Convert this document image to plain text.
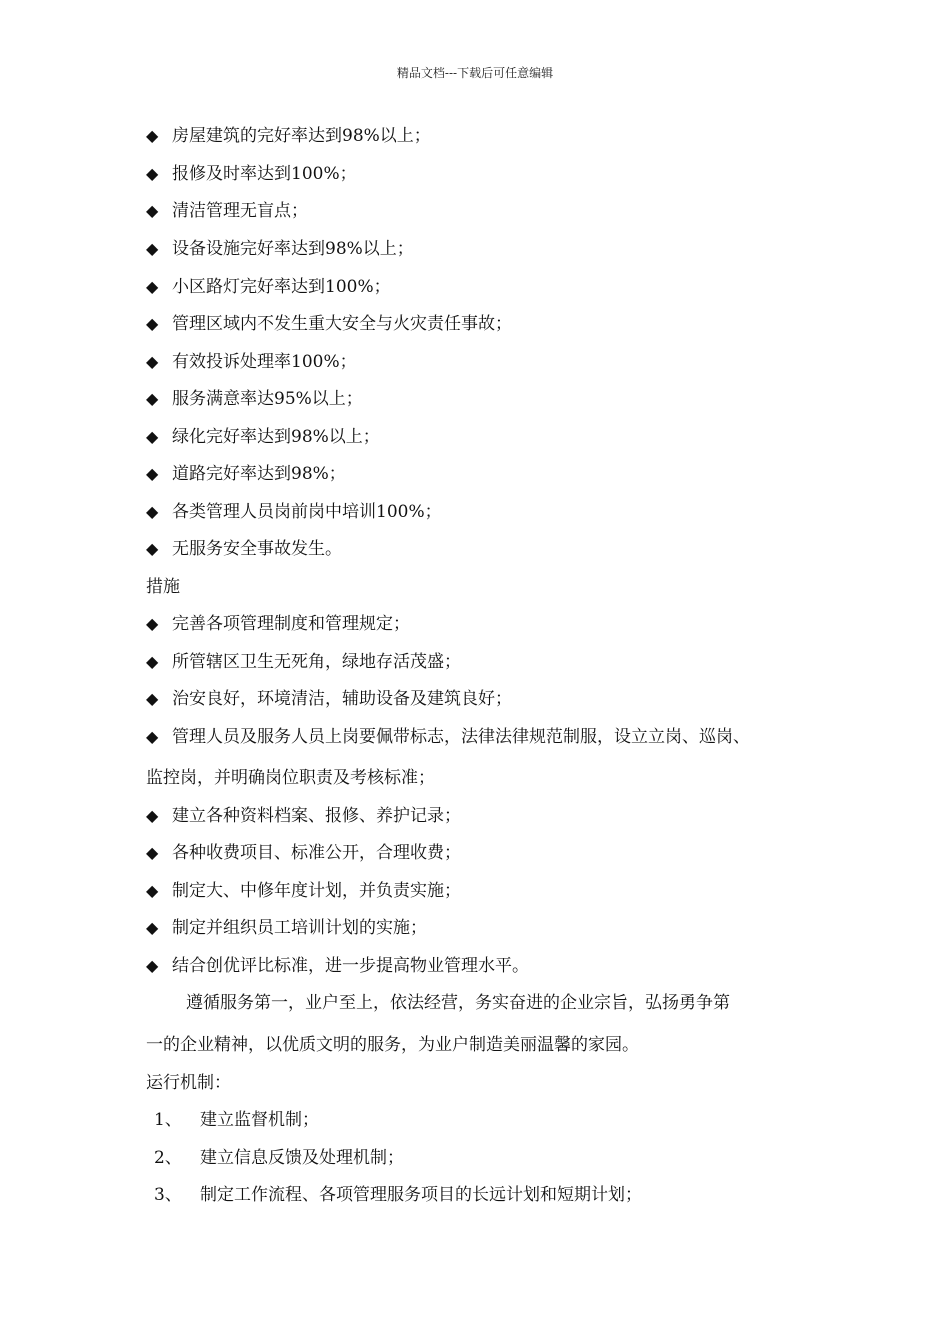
精品文档---下载后可任意编辑
◆ 房屋建筑的完好率达到98%以上；
◆ 报修及时率达到100%；
◆ 清洁管理无盲点；
◆ 设备设施完好率达到98%以上；
◆ 小区路灯完好率达到100%；
◆ 管理区域内不发生重大安全与火灾责任事故；
◆ 有效投诉处理率100%；
◆ 服务满意率达95%以上；
◆ 绿化完好率达到98%以上；
◆ 道路完好率达到98%；
◆ 各类管理人员岗前岗中培训100%；
◆ 无服务安全事故发生。
措施
◆ 完善各项管理制度和管理规定；
◆ 所管辖区卫生无死角，绿地存活茂盛；
◆ 治安良好，环境清洁，辅助设备及建筑良好；
◆ 管理人员及服务人员上岗要佩带标志，法律法律规范制服，设立立岗、巡岗、
监控岗，并明确岗位职责及考核标准；
◆ 建立各种资料档案、报修、养护记录；
◆ 各种收费项目、标准公开，合理收费；
◆ 制定大、中修年度计划，并负责实施；
◆ 制定并组织员工培训计划的实施；
◆ 结合创优评比标准，进一步提高物业管理水平。
遵循服务第一，业户至上，依法经营，务实奋进的企业宗旨，弘扬勇争第
一的企业精神，以优质文明的服务，为业户制造美丽温馨的家园。
运行机制：
1、 建立监督机制；
2、 建立信息反馈及处理机制；
3、 制定工作流程、各项管理服务项目的长远计划和短期计划；
